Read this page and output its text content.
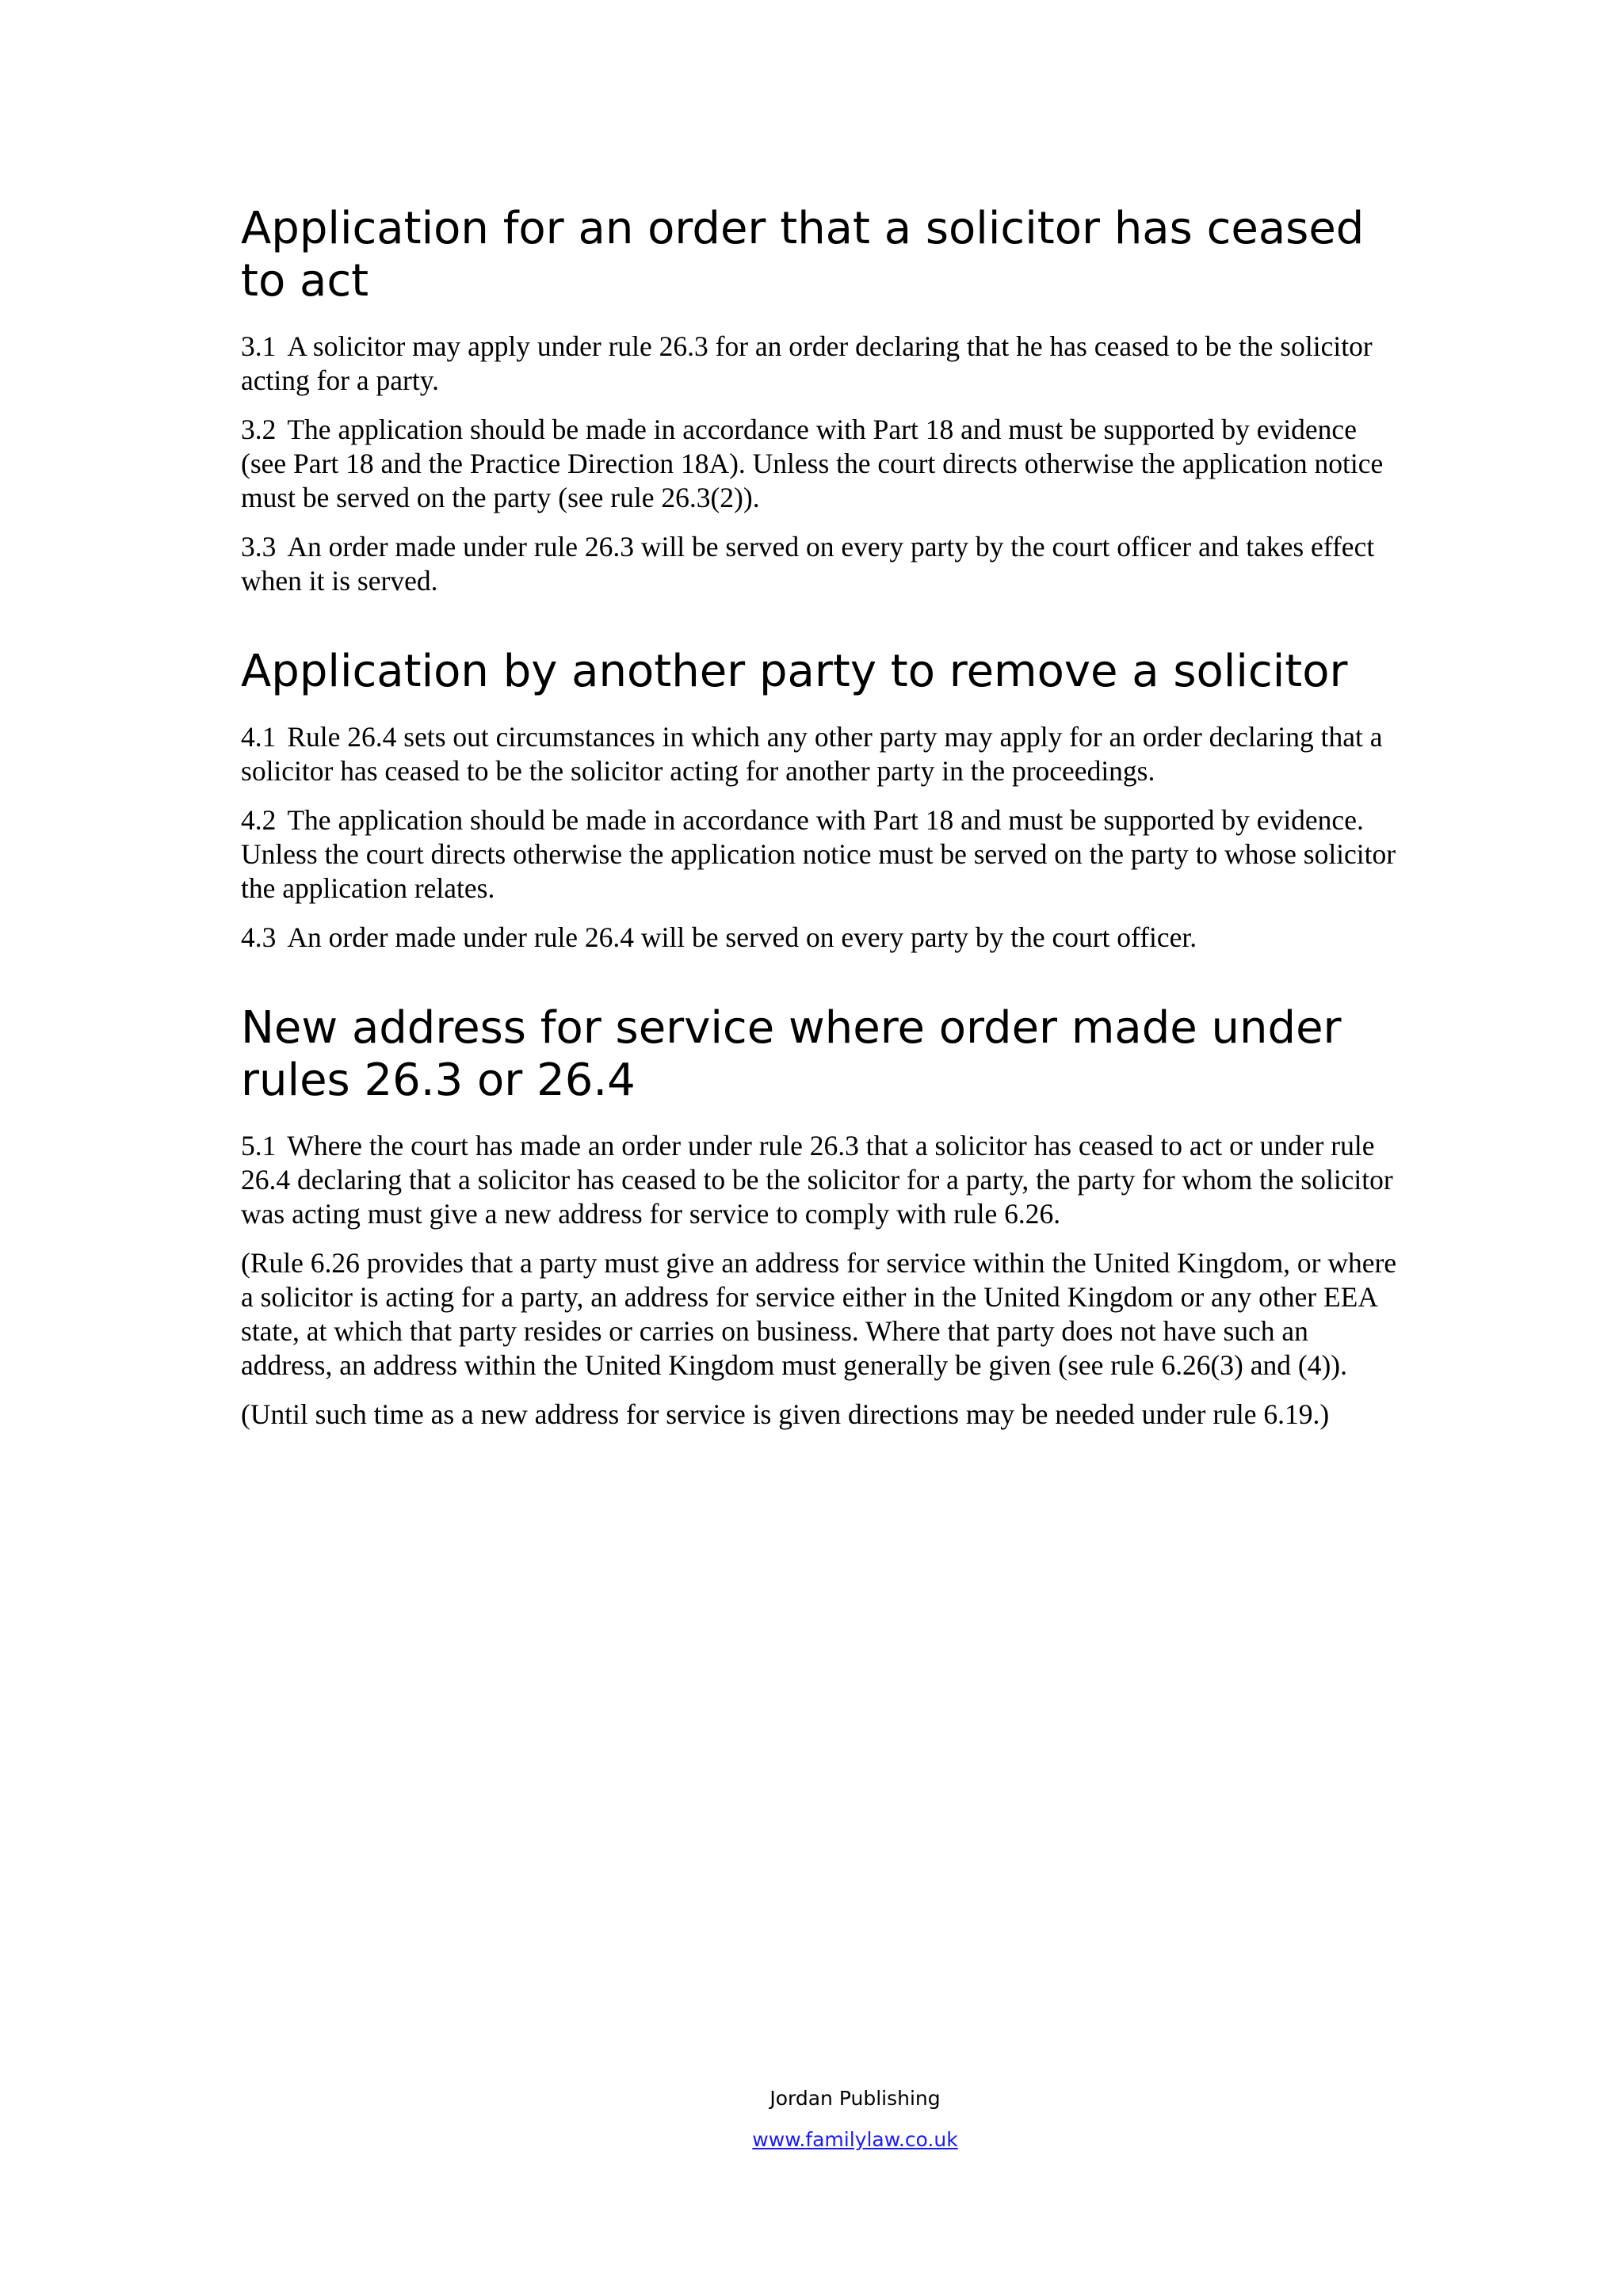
Application for an order that a solicitor has ceased to act

3.1 A solicitor may apply under rule 26.3 for an order declaring that he has ceased to be the solicitor acting for a party.

3.2 The application should be made in accordance with Part 18 and must be supported by evidence (see Part 18 and the Practice Direction 18A). Unless the court directs otherwise the application notice must be served on the party (see rule 26.3(2)).

3.3 An order made under rule 26.3 will be served on every party by the court officer and takes effect when it is served.

Application by another party to remove a solicitor

4.1 Rule 26.4 sets out circumstances in which any other party may apply for an order declaring that a solicitor has ceased to be the solicitor acting for another party in the proceedings.

4.2 The application should be made in accordance with Part 18 and must be supported by evidence. Unless the court directs otherwise the application notice must be served on the party to whose solicitor the application relates.

4.3 An order made under rule 26.4 will be served on every party by the court officer.

New address for service where order made under
rules 26.3 or 26.4

5.1 Where the court has made an order under rule 26.3 that a solicitor has ceased to act or under rule 26.4 declaring that a solicitor has ceased to be the solicitor for a party, the party for whom the solicitor was acting must give a new address for service to comply with rule 6.26.

(Rule 6.26 provides that a party must give an address for service within the United Kingdom, or where a solicitor is acting for a party, an address for service either in the United Kingdom or any other EEA state, at which that party resides or carries on business. Where that party does not have such an address, an address within the United Kingdom must generally be given (see rule 6.26(3) and (4)).

(Until such time as a new address for service is given directions may be needed under rule 6.19.)

Jordan Publishing
www.familylaw.co.uk
